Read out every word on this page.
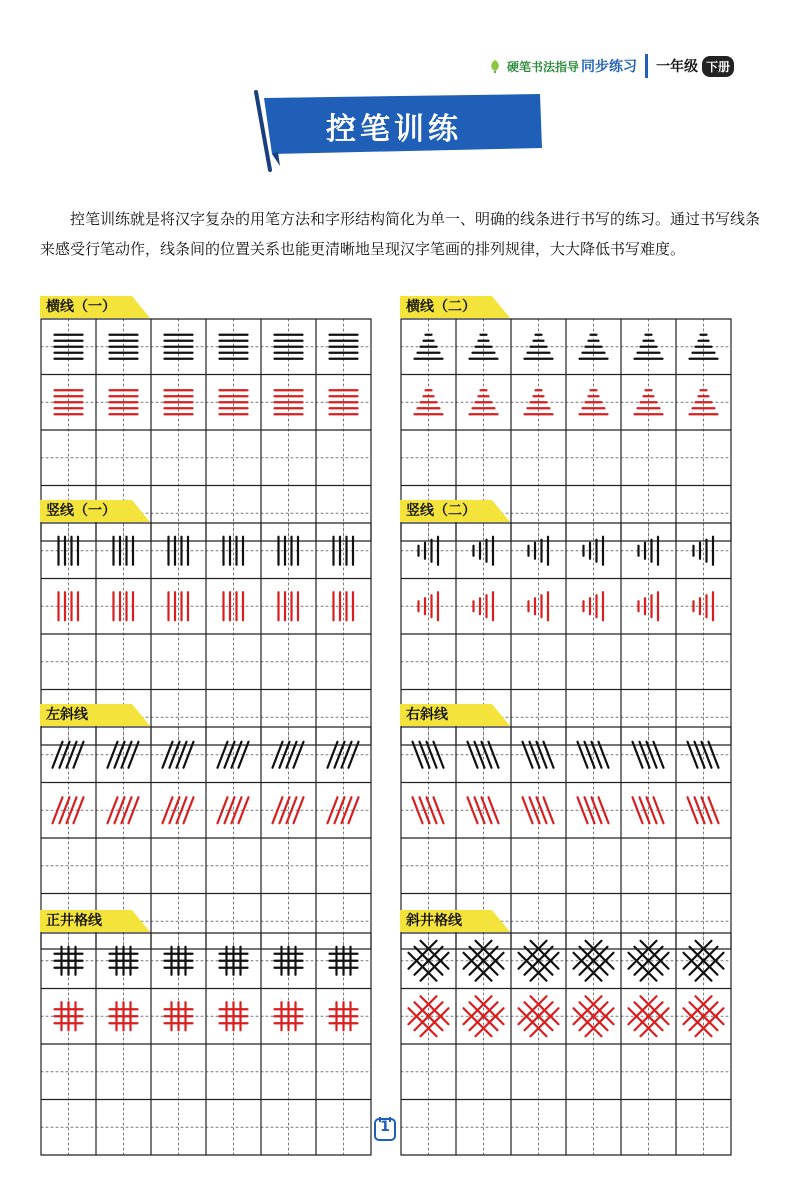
硬笔书法指导 同步练习 一年级 下册
控笔训练

控笔训练就是将汉字复杂的用笔方法和字形结构简化为单一、明确的线条进行书写的练习。通过书写线条来感受行笔动作，线条间的位置关系也能更清晰地呈现汉字笔画的排列规律，大大降低书写难度。

横线（一）	横线（二）
竖线（一）	竖线（二）
左斜线	右斜线
正井格线	斜井格线
1
